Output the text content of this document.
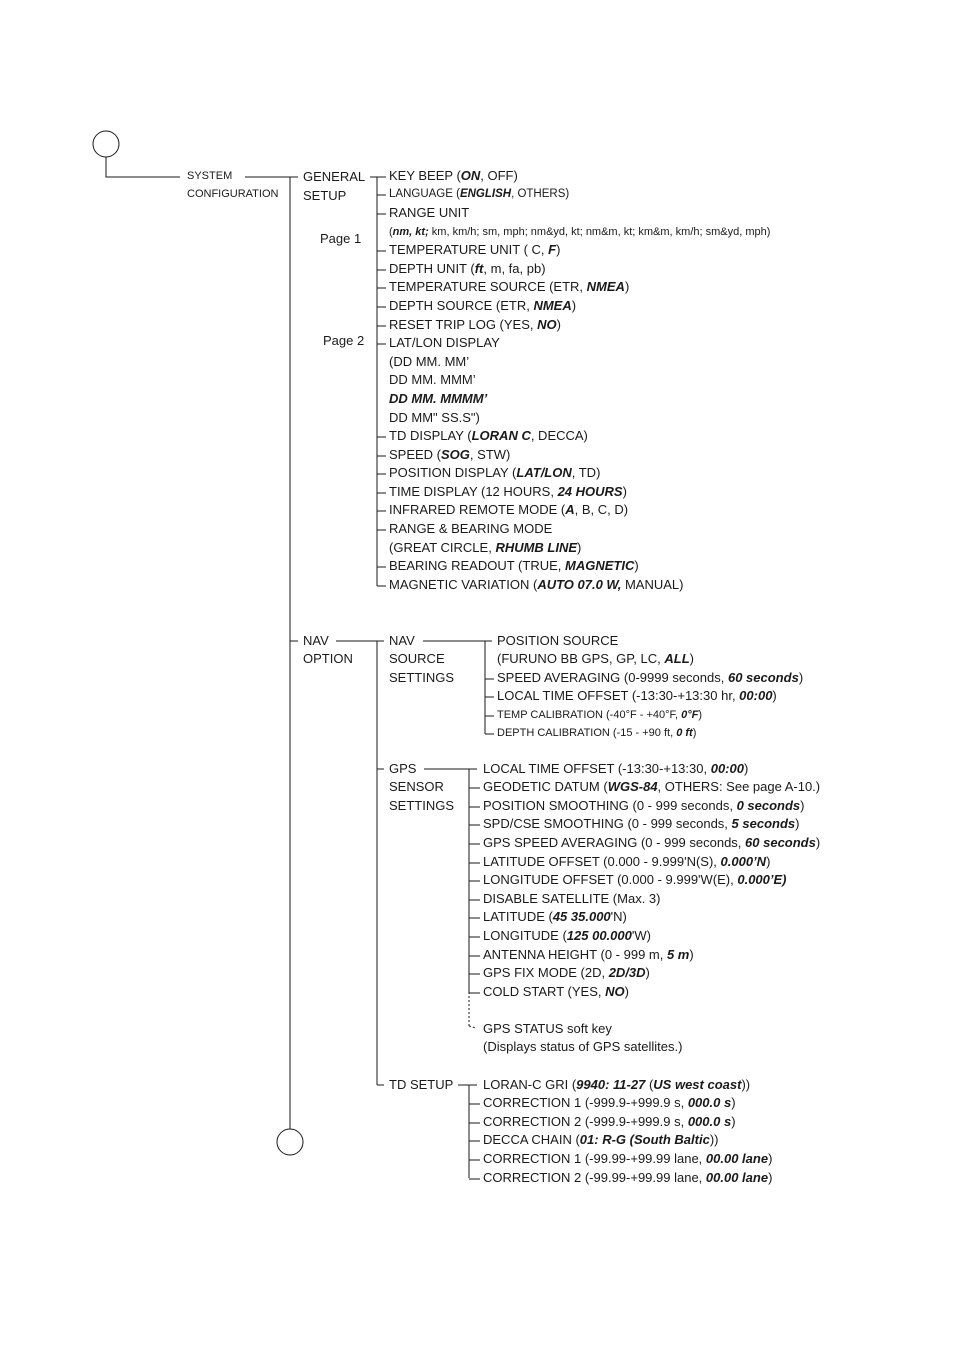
SYSTEM
CONFIGURATION
GENERAL
SETUP
Page 1
Page 2
NAV
OPTION
NAV
SOURCE
SETTINGS
GPS
SENSOR
SETTINGS
TD SETUP
KEY BEEP (ON, OFF)
LANGUAGE (ENGLISH, OTHERS)
RANGE UNIT
(nm, kt; km, km/h; sm, mph; nm&yd, kt; nm&m, kt; km&m, km/h; sm&yd, mph)
TEMPERATURE UNIT ( C, F)
DEPTH UNIT (ft, m, fa, pb)
TEMPERATURE SOURCE (ETR, NMEA)
DEPTH SOURCE (ETR, NMEA)
RESET TRIP LOG (YES, NO)
LAT/LON DISPLAY
(DD MM. MM’
DD MM. MMM’
DD MM. MMMM’
DD MM" SS.S")
TD DISPLAY (LORAN C, DECCA)
SPEED (SOG, STW)
POSITION DISPLAY (LAT/LON, TD)
TIME DISPLAY (12 HOURS, 24 HOURS)
INFRARED REMOTE MODE (A, B, C, D)
RANGE & BEARING MODE
(GREAT CIRCLE, RHUMB LINE)
BEARING READOUT (TRUE, MAGNETIC)
MAGNETIC VARIATION (AUTO 07.0 W, MANUAL)
POSITION SOURCE
(FURUNO BB GPS, GP, LC, ALL)
SPEED AVERAGING (0-9999 seconds, 60 seconds)
LOCAL TIME OFFSET (-13:30-+13:30 hr, 00:00)
TEMP CALIBRATION (-40°F - +40°F, 0°F)
DEPTH CALIBRATION (-15 - +90 ft, 0 ft)
LOCAL TIME OFFSET (-13:30-+13:30, 00:00)
GEODETIC DATUM (WGS-84, OTHERS: See page A-10.)
POSITION SMOOTHING (0 - 999 seconds, 0 seconds)
SPD/CSE SMOOTHING (0 - 999 seconds, 5 seconds)
GPS SPEED AVERAGING (0 - 999 seconds, 60 seconds)
LATITUDE OFFSET (0.000 - 9.999'N(S), 0.000’N)
LONGITUDE OFFSET (0.000 - 9.999'W(E), 0.000’E)
DISABLE SATELLITE (Max. 3)
LATITUDE (45 35.000'N)
LONGITUDE (125 00.000'W)
ANTENNA HEIGHT (0 - 999 m, 5 m)
GPS FIX MODE (2D, 2D/3D)
COLD START (YES, NO)
GPS STATUS soft key
(Displays status of GPS satellites.)
LORAN-C GRI (9940: 11-27 (US west coast))
CORRECTION 1 (-999.9-+999.9 s, 000.0 s)
CORRECTION 2 (-999.9-+999.9 s, 000.0 s)
DECCA CHAIN (01: R-G (South Baltic))
CORRECTION 1 (-99.99-+99.99 lane, 00.00 lane)
CORRECTION 2 (-99.99-+99.99 lane, 00.00 lane)
